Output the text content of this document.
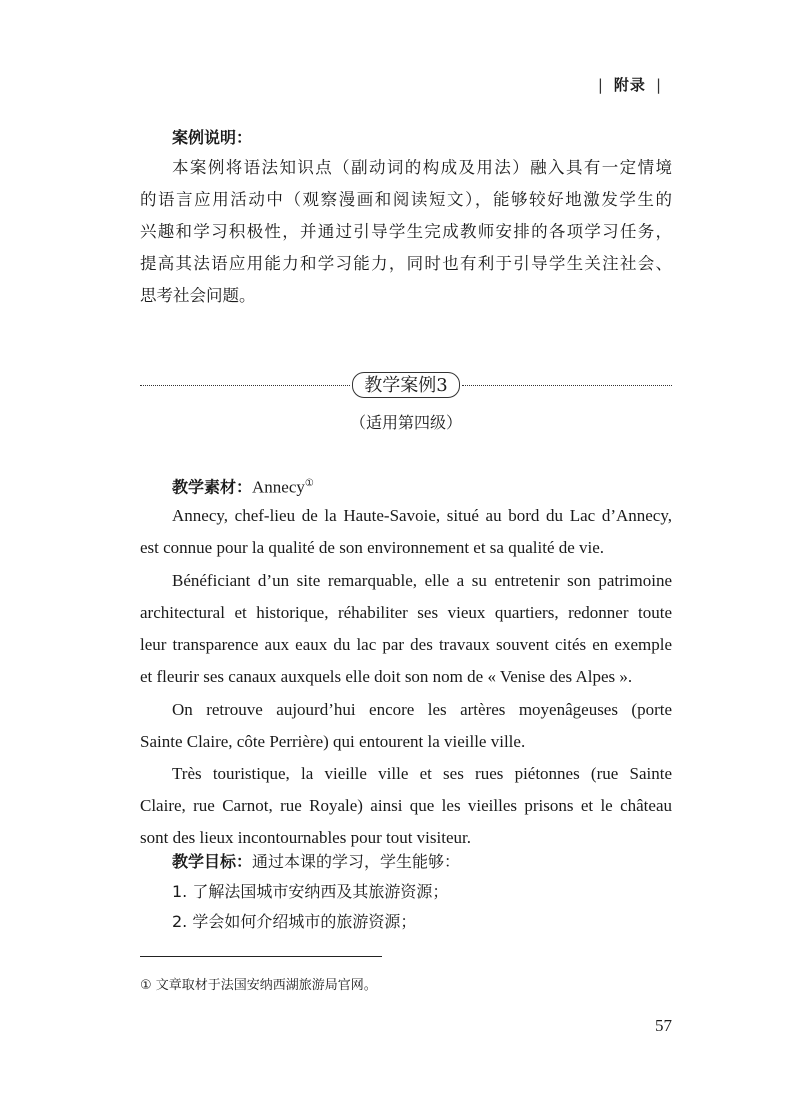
| 附录 |
案例说明：
本案例将语法知识点（副动词的构成及用法）融入具有一定情境
的语言应用活动中（观察漫画和阅读短文），能够较好地激发学生的
兴趣和学习积极性，并通过引导学生完成教师安排的各项学习任务，
提高其法语应用能力和学习能力，同时也有利于引导学生关注社会、
思考社会问题。
教学案例3
（适用第四级）
教学素材：Annecy①
Annecy, chef-lieu de la Haute-Savoie, situé au bord du Lac d’Annecy,
est connue pour la qualité de son environnement et sa qualité de vie.
Bénéficiant d’un site remarquable, elle a su entretenir son patrimoine
architectural et historique, réhabiliter ses vieux quartiers, redonner toute
leur transparence aux eaux du lac par des travaux souvent cités en exemple
et fleurir ses canaux auxquels elle doit son nom de « Venise des Alpes ».
On retrouve aujourd’hui encore les artères moyenâgeuses (porte
Sainte Claire, côte Perrière) qui entourent la vieille ville.
Très touristique, la vieille ville et ses rues piétonnes (rue Sainte
Claire, rue Carnot, rue Royale) ainsi que les vieilles prisons et le château
sont des lieux incontournables pour tout visiteur.
教学目标：通过本课的学习，学生能够：
1. 了解法国城市安纳西及其旅游资源；
2. 学会如何介绍城市的旅游资源；
① 文章取材于法国安纳西湖旅游局官网。
57
